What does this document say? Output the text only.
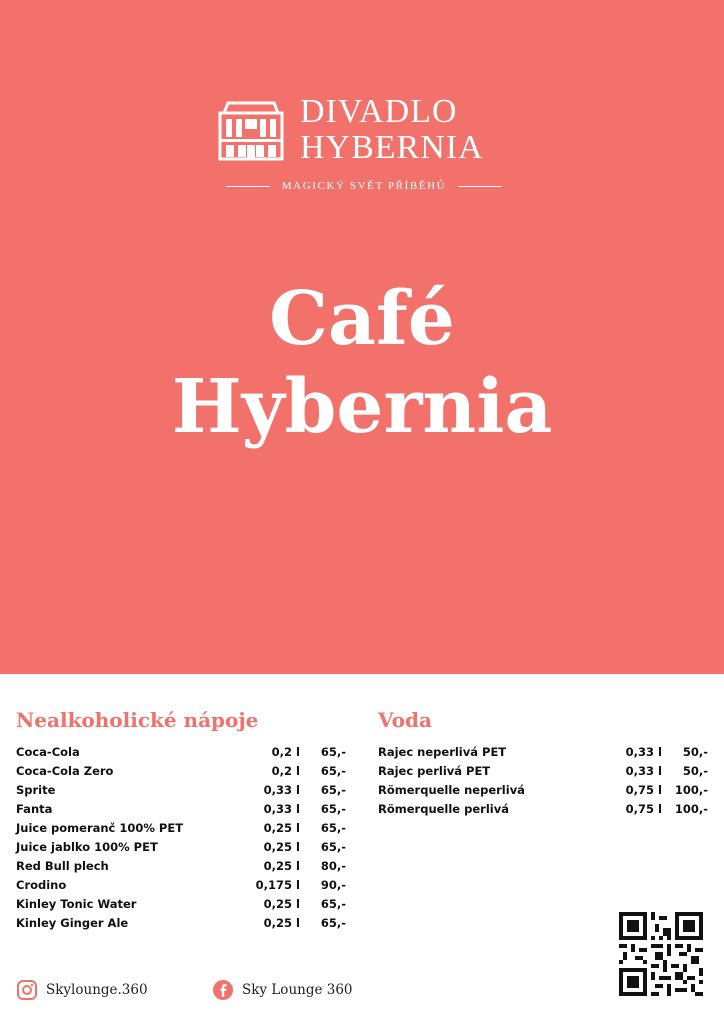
DIVADLO
HYBERNIA
MAGICKÝ SVĚT PŘÍBĚHŮ
Café
Hybernia
Nealkoholické nápoje	Voda
Coca-Cola	0,2 l 65,-
Coca-Cola Zero	0,2 l 65,-
Sprite	0,33 l 65,-
Fanta	0,33 l 65,-
Juice pomeranč 100% PET	0,25 l 65,-
Juice jablko 100% PET	0,25 l 65,-
Red Bull plech	0,25 l 80,-
Crodino	0,175 l 90,-
Kinley Tonic Water	0,25 l 65,-
Kinley Ginger Ale	0,25 l 65,-
Rajec neperlivá PET	0,33 l 50,-
Rajec perlivá PET	0,33 l 50,-
Römerquelle neperlivá	0,75 l 100,-
Römerquelle perlivá	0,75 l 100,-
Skylounge.360	Sky Lounge 360
